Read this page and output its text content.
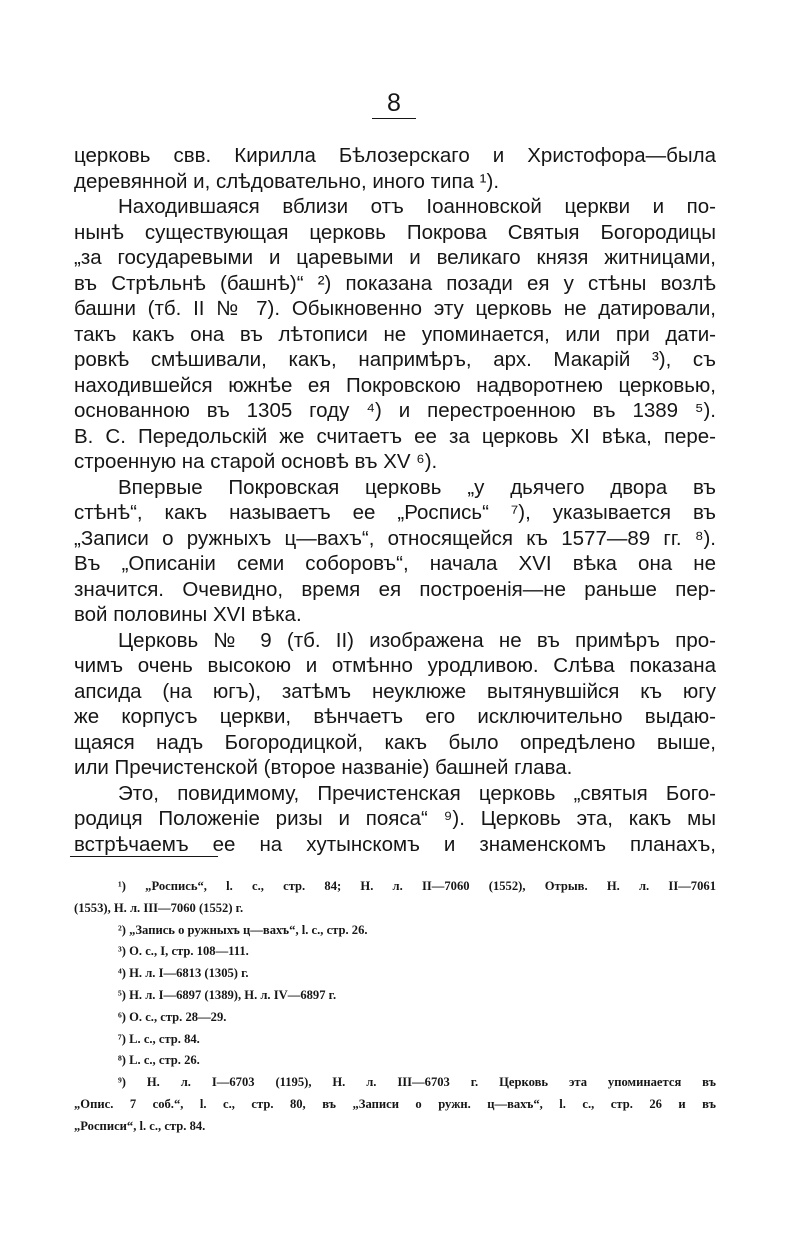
8
церковь свв. Кирилла Бѣлозерскаго и Христофора—была
деревянной и, слѣдовательно, иного типа ¹).
Находившаяся вблизи отъ Іоанновской церкви и по-
нынѣ существующая церковь Покрова Святыя Богородицы
„за государевыми и царевыми и великаго князя житницами,
въ Стрѣльнѣ (башнѣ)“ ²) показана позади ея у стѣны возлѣ
башни (тб. II № 7). Обыкновенно эту церковь не датировали,
такъ какъ она въ лѣтописи не упоминается, или при дати-
ровкѣ смѣшивали, какъ, напримѣръ, арх. Макарій ³), съ
находившейся южнѣе ея Покровскою надворотнею церковью,
основанною въ 1305 году ⁴) и перестроенною въ 1389 ⁵).
В. С. Передольскій же считаетъ ее за церковь XI вѣка, пере-
строенную на старой основѣ въ XV ⁶).
Впервые Покровская церковь „у дьячего двора въ
стѣнѣ“, какъ называетъ ее „Роспись“ ⁷), указывается въ
„Записи о ружныхъ ц—вахъ“, относящейся къ 1577—89 гг. ⁸).
Въ „Описаніи семи соборовъ“, начала XVI вѣка она не
значится. Очевидно, время ея построенія—не раньше пер-
вой половины XVI вѣка.
Церковь № 9 (тб. II) изображена не въ примѣръ про-
чимъ очень высокою и отмѣнно уродливою. Слѣва показана
апсида (на югъ), затѣмъ неуклюже вытянувшійся къ югу
же корпусъ церкви, вѣнчаетъ его исключительно выдаю-
щаяся надъ Богородицкой, какъ было опредѣлено выше,
или Пречистенской (второе названіе) башней глава.
Это, повидимому, Пречистенская церковь „святыя Бого-
родиця Положеніе ризы и пояса“ ⁹). Церковь эта, какъ мы
встрѣчаемъ ее на хутынскомъ и знаменскомъ планахъ,
¹) „Роспись“, l. c., стр. 84; Н. л. II—7060 (1552), Отрыв. Н. л. II—7061
(1553), Н. л. III—7060 (1552) г.
²) „Запись о ружныхъ ц—вахъ“, l. c., стр. 26.
³) О. с., I, стр. 108—111.
⁴) Н. л. I—6813 (1305) г.
⁵) Н. л. I—6897 (1389), Н. л. IV—6897 г.
⁶) О. с., стр. 28—29.
⁷) L. с., стр. 84.
⁸) L. с., стр. 26.
⁹) Н. л. I—6703 (1195), Н. л. III—6703 г. Церковь эта упоминается въ
„Опис. 7 соб.“, l. c., стр. 80, въ „Записи о ружн. ц—вахъ“, l. c., стр. 26 и въ
„Росписи“, l. c., стр. 84.
